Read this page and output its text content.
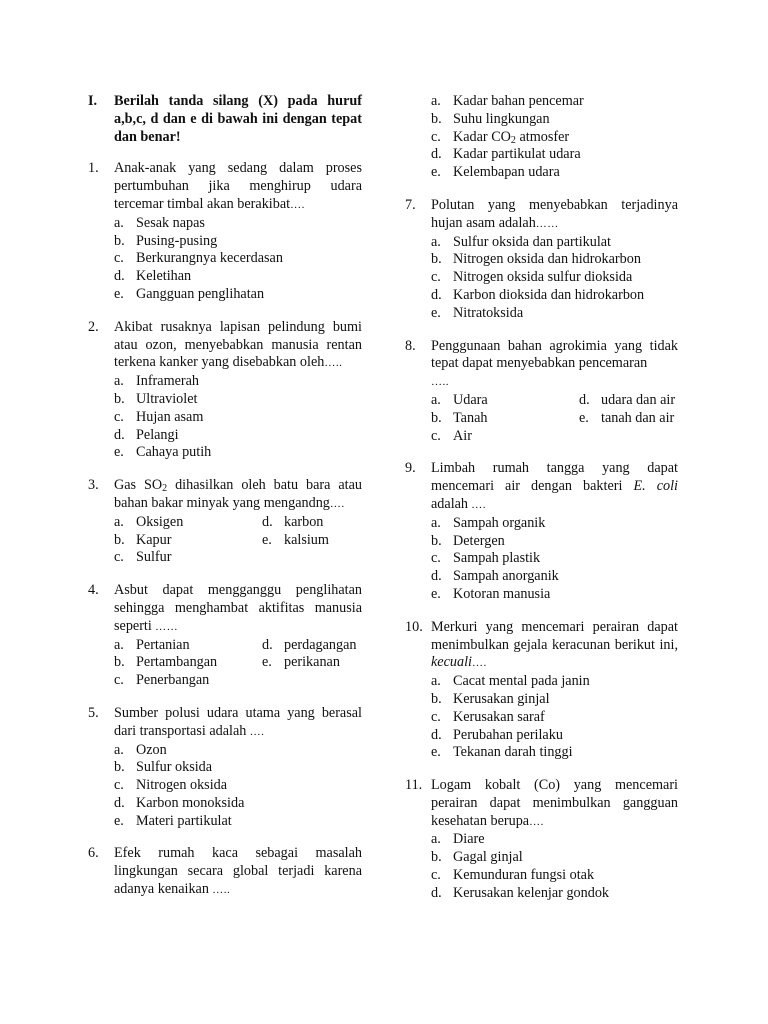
I.	Berilah tanda silang (X) pada huruf a,b,c, d dan e di bawah ini dengan tepat dan benar!
1.	Anak-anak yang sedang dalam proses pertumbuhan jika menghirup udara tercemar timbal akan berakibat….
a. Sesak napas
b. Pusing-pusing
c. Berkurangnya kecerdasan
d. Keletihan
e. Gangguan penglihatan
2.	Akibat rusaknya lapisan pelindung bumi atau ozon, menyebabkan manusia rentan terkena kanker yang disebabkan oleh…..
a. Inframerah
b. Ultraviolet
c. Hujan asam
d. Pelangi
e. Cahaya putih
3.	Gas $SO_2$ dihasilkan oleh batu bara atau bahan bakar minyak yang mengandng….
a. Oksigen	d. karbon
b. Kapur	e. kalsium
c. Sulfur
4.	Asbut dapat mengganggu penglihatan sehingga menghambat aktifitas manusia seperti ……
a. Pertanian	d. perdagangan
b. Pertambangan	e. perikanan
c. Penerbangan
5.	Sumber polusi udara utama yang berasal dari transportasi adalah ….
a. Ozon
b. Sulfur oksida
c. Nitrogen oksida
d. Karbon monoksida
e. Materi partikulat
6.	Efek rumah kaca sebagai masalah lingkungan secara global terjadi karena adanya kenaikan …..
a. Kadar bahan pencemar
b. Suhu lingkungan
c. Kadar $CO_2$ atmosfer
d. Kadar partikulat udara
e. Kelembapan udara
7.	Polutan yang menyebabkan terjadinya hujan asam adalah……
a. Sulfur oksida dan partikulat
b. Nitrogen oksida dan hidrokarbon
c. Nitrogen oksida sulfur dioksida
d. Karbon dioksida dan hidrokarbon
e. Nitratoksida
8.	Penggunaan bahan agrokimia yang tidak tepat dapat menyebabkan pencemaran
…..
a. Udara	d. udara dan air
b. Tanah	e. tanah dan air
c. Air
9.	Limbah rumah tangga yang dapat mencemari air dengan bakteri E. coli adalah ….
a. Sampah organik
b. Detergen
c. Sampah plastik
d. Sampah anorganik
e. Kotoran manusia
10. Merkuri yang mencemari perairan dapat menimbulkan gejala keracunan berikut ini, kecuali….
a. Cacat mental pada janin
b. Kerusakan ginjal
c. Kerusakan saraf
d. Perubahan perilaku
e. Tekanan darah tinggi
11. Logam kobalt (Co) yang mencemari perairan dapat menimbulkan gangguan kesehatan berupa….
a. Diare
b. Gagal ginjal
c. Kemunduran fungsi otak
d. Kerusakan kelenjar gondok
